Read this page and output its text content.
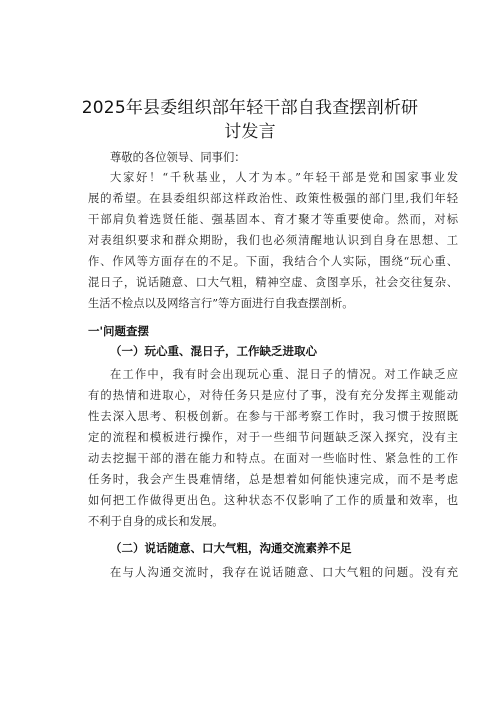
2025年县委组织部年轻干部自我查摆剖析研
讨发言
尊敬的各位领导、同事们：
大家好！“千秋基业，人才为本。”年轻干部是党和国家事业发
展的希望。在县委组织部这样政治性、政策性极强的部门里,我们年轻
干部肩负着选贤任能、强基固本、育才聚才等重要使命。然而，对标
对表组织要求和群众期盼，我们也必须清醒地认识到自身在思想、工
作、作风等方面存在的不足。下面，我结合个人实际，围绕“玩心重、
混日子，说话随意、口大气粗，精神空虚、贪图享乐，社会交往复杂、
生活不检点以及网络言行”等方面进行自我查摆剖析。
一'问题查摆
（一）玩心重、混日子，工作缺乏进取心
在工作中，我有时会出现玩心重、混日子的情况。对工作缺乏应
有的热情和进取心，对待任务只是应付了事，没有充分发挥主观能动
性去深入思考、积极创新。在参与干部考察工作时，我习惯于按照既
定的流程和模板进行操作，对于一些细节问题缺乏深入探究，没有主
动去挖掘干部的潜在能力和特点。在面对一些临时性、紧急性的工作
任务时，我会产生畏难情绪，总是想着如何能快速完成，而不是考虑
如何把工作做得更出色。这种状态不仅影响了工作的质量和效率，也
不利于自身的成长和发展。
（二）说话随意、口大气粗，沟通交流素养不足
在与人沟通交流时，我存在说话随意、口大气粗的问题。没有充
